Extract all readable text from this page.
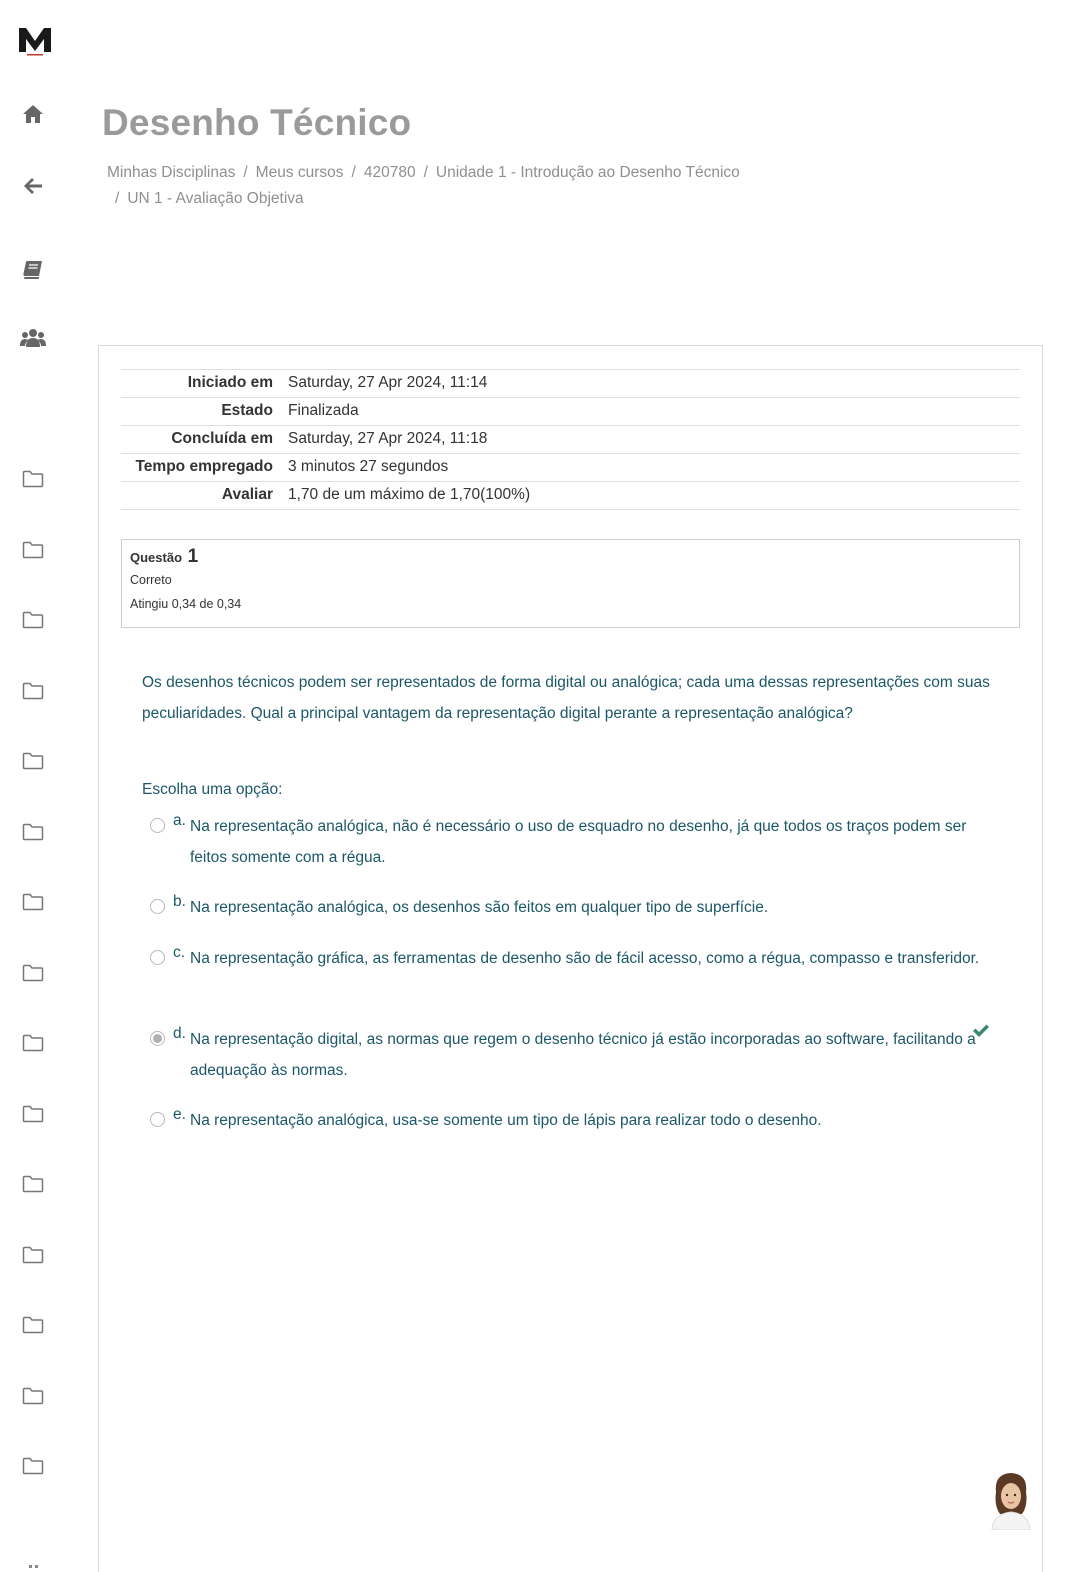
Desenho Técnico
Minhas Disciplinas / Meus cursos / 420780 / Unidade 1 - Introdução ao Desenho Técnico
/ UN 1 - Avaliação Objetiva
Iniciado em	Saturday, 27 Apr 2024, 11:14
Estado	Finalizada
Concluída em	Saturday, 27 Apr 2024, 11:18
Tempo empregado	3 minutos 27 segundos
Avaliar	1,70 de um máximo de 1,70(100%)
Questão 1
Correto
Atingiu 0,34 de 0,34
Os desenhos técnicos podem ser representados de forma digital ou analógica; cada uma dessas representações com suas peculiaridades. Qual a principal vantagem da representação digital perante a representação analógica?
Escolha uma opção:
a. Na representação analógica, não é necessário o uso de esquadro no desenho, já que todos os traços podem ser feitos somente com a régua.
b. Na representação analógica, os desenhos são feitos em qualquer tipo de superfície.
c. Na representação gráfica, as ferramentas de desenho são de fácil acesso, como a régua, compasso e transferidor.
d. Na representação digital, as normas que regem o desenho técnico já estão incorporadas ao software, facilitando a adequação às normas.
e. Na representação analógica, usa-se somente um tipo de lápis para realizar todo o desenho.
